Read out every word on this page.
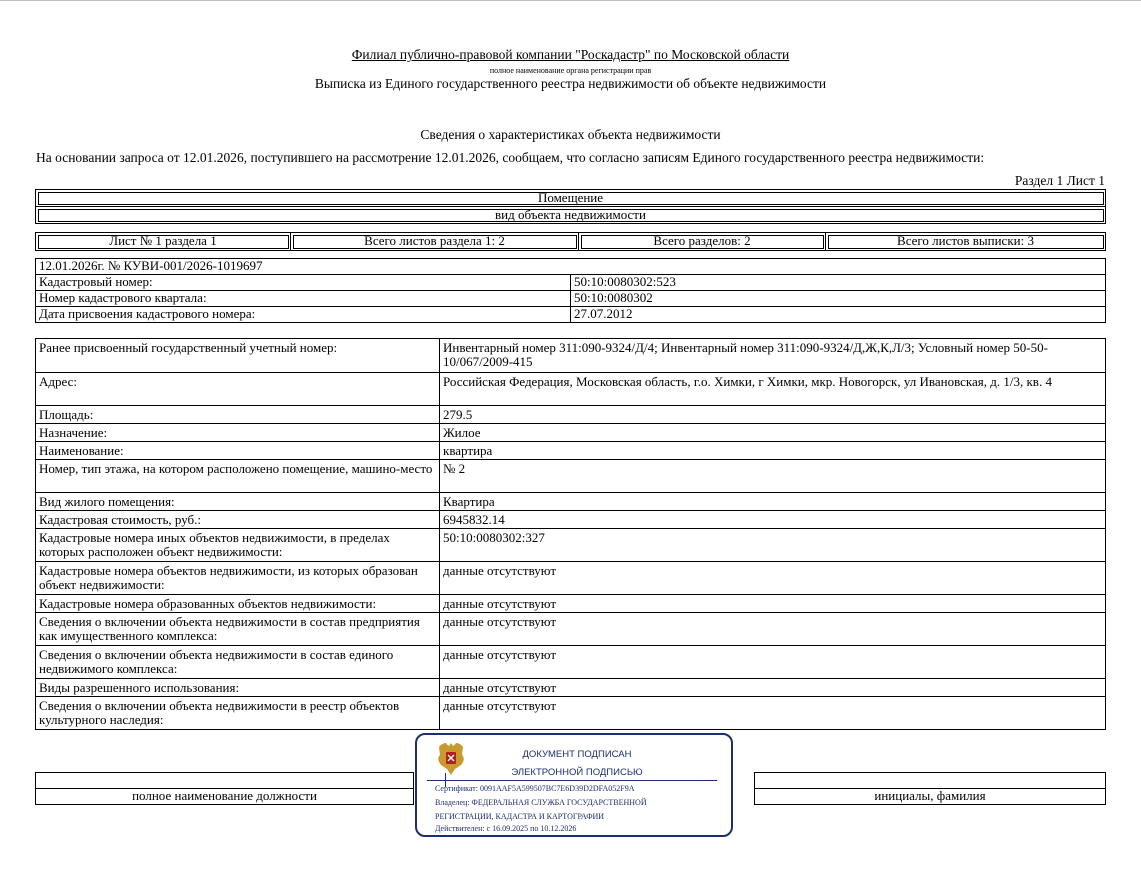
Филиал публично-правовой компании "Роскадастр" по Московской области
полное наименование органа регистрации прав
Выписка из Единого государственного реестра недвижимости об объекте недвижимости
Сведения о характеристиках объекта недвижимости
На основании запроса от 12.01.2026, поступившего на рассмотрение 12.01.2026, сообщаем, что согласно записям Единого государственного реестра недвижимости:
Раздел 1 Лист 1
Помещение
вид объекта недвижимости
Лист № 1 раздела 1	Всего листов раздела 1: 2	Всего разделов: 2	Всего листов выписки: 3
12.01.2026г. № КУВИ-001/2026-1019697	
Кадастровый номер:	50:10:0080302:523
Номер кадастрового квартала:	50:10:0080302
Дата присвоения кадастрового номера:	27.07.2012
Ранее присвоенный государственный учетный номер:	Инвентарный номер 311:090-9324/Д/4; Инвентарный номер 311:090-9324/Д,Ж,К,Л/3; Условный номер 50-50-10/067/2009-415
Адрес:	Российская Федерация, Московская область, г.о. Химки, г Химки, мкр. Новогорск, ул Ивановская, д. 1/3, кв. 4
Площадь:	279.5
Назначение:	Жилое
Наименование:	квартира
Номер, тип этажа, на котором расположено помещение, машино-место	№ 2
Вид жилого помещения:	Квартира
Кадастровая стоимость, руб.:	6945832.14
Кадастровые номера иных объектов недвижимости, в пределах которых расположен объект недвижимости:	50:10:0080302:327
Кадастровые номера объектов недвижимости, из которых образован объект недвижимости:	данные отсутствуют
Кадастровые номера образованных объектов недвижимости:	данные отсутствуют
Сведения о включении объекта недвижимости в состав предприятия как имущественного комплекса:	данные отсутствуют
Сведения о включении объекта недвижимости в состав единого недвижимого комплекса:	данные отсутствуют
Виды разрешенного использования:	данные отсутствуют
Сведения о включении объекта недвижимости в реестр объектов культурного наследия:	данные отсутствуют

полное наименование должности		инициалы, фамилия
ДОКУМЕНТ ПОДПИСАН
ЭЛЕКТРОННОЙ ПОДПИСЬЮ
Сертификат: 0091AAF5A599507BC7E6D39D2DFA052F9A
Владелец: ФЕДЕРАЛЬНАЯ СЛУЖБА ГОСУДАРСТВЕННОЙ
РЕГИСТРАЦИИ, КАДАСТРА И КАРТОГРАФИИ
Действителен: с 16.09.2025 по 10.12.2026
